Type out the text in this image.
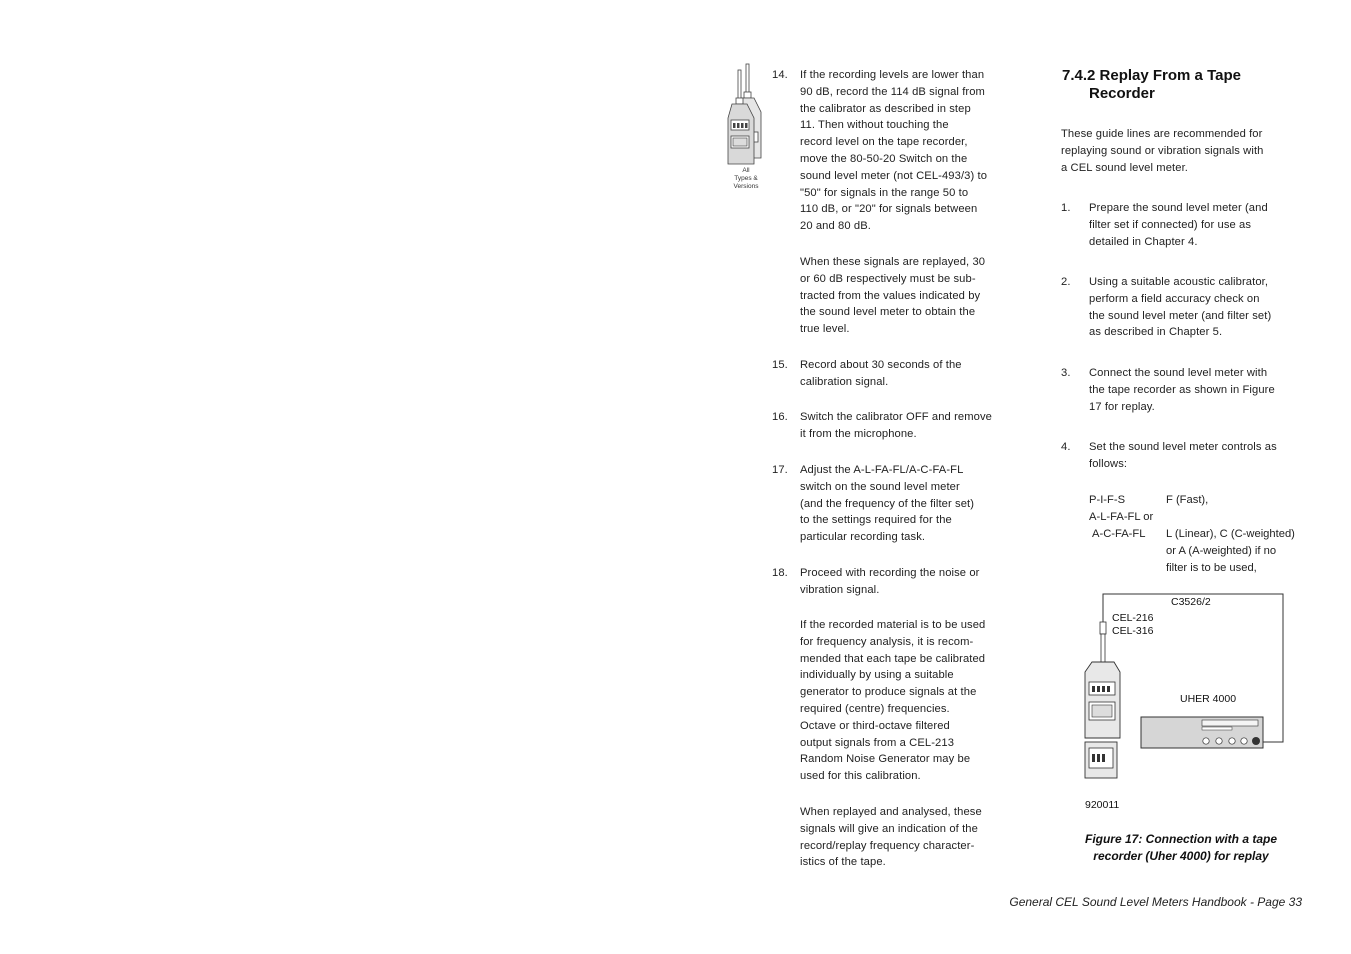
All
Types &
Versions
14.	If the recording levels are lower than
90 dB, record the 114 dB signal from
the calibrator as described in step
11. Then without touching the
record level on the tape recorder,
move the 80-50-20 Switch on the
sound level meter (not CEL-493/3) to
"50" for signals in the range 50 to
110 dB, or "20" for signals between
20 and 80 dB.

When these signals are replayed, 30
or 60 dB respectively must be sub-
tracted from the values indicated by
the sound level meter to obtain the
true level.

15.	Record about 30 seconds of the
calibration signal.

16.	Switch the calibrator OFF and remove
it from the microphone.

17.	Adjust the A-L-FA-FL/A-C-FA-FL
switch on the sound level meter
(and the frequency of the filter set)
to the settings required for the
particular recording task.

18.	Proceed with recording the noise or
vibration signal.

If the recorded material is to be used
for frequency analysis, it is recom-
mended that each tape be calibrated
individually by using a suitable
generator to produce signals at the
required (centre) frequencies.
Octave or third-octave filtered
output signals from a CEL-213
Random Noise Generator may be
used for this calibration.

When replayed and analysed, these
signals will give an indication of the
record/replay frequency character-
istics of the tape.

7.4.2 Replay From a Tape
Recorder

These guide lines are recommended for
replaying sound or vibration signals with
a CEL sound level meter.

1.	Prepare the sound level meter (and
filter set if connected) for use as
detailed in Chapter 4.

2.	Using a suitable acoustic calibrator,
perform a field accuracy check on
the sound level meter (and filter set)
as described in Chapter 5.

3.	Connect the sound level meter with
the tape recorder as shown in Figure
17 for replay.

4.	Set the sound level meter controls as
follows:

P-I-F-S	F (Fast),
A-L-FA-FL or
A-C-FA-FL L (Linear), C (C-weighted)
or A (A-weighted) if no
filter is to be used,
C3526/2
CEL-216
CEL-316
UHER 4000
920011
Figure 17: Connection with a tape
recorder (Uher 4000) for replay
General CEL Sound Level Meters Handbook - Page 33
